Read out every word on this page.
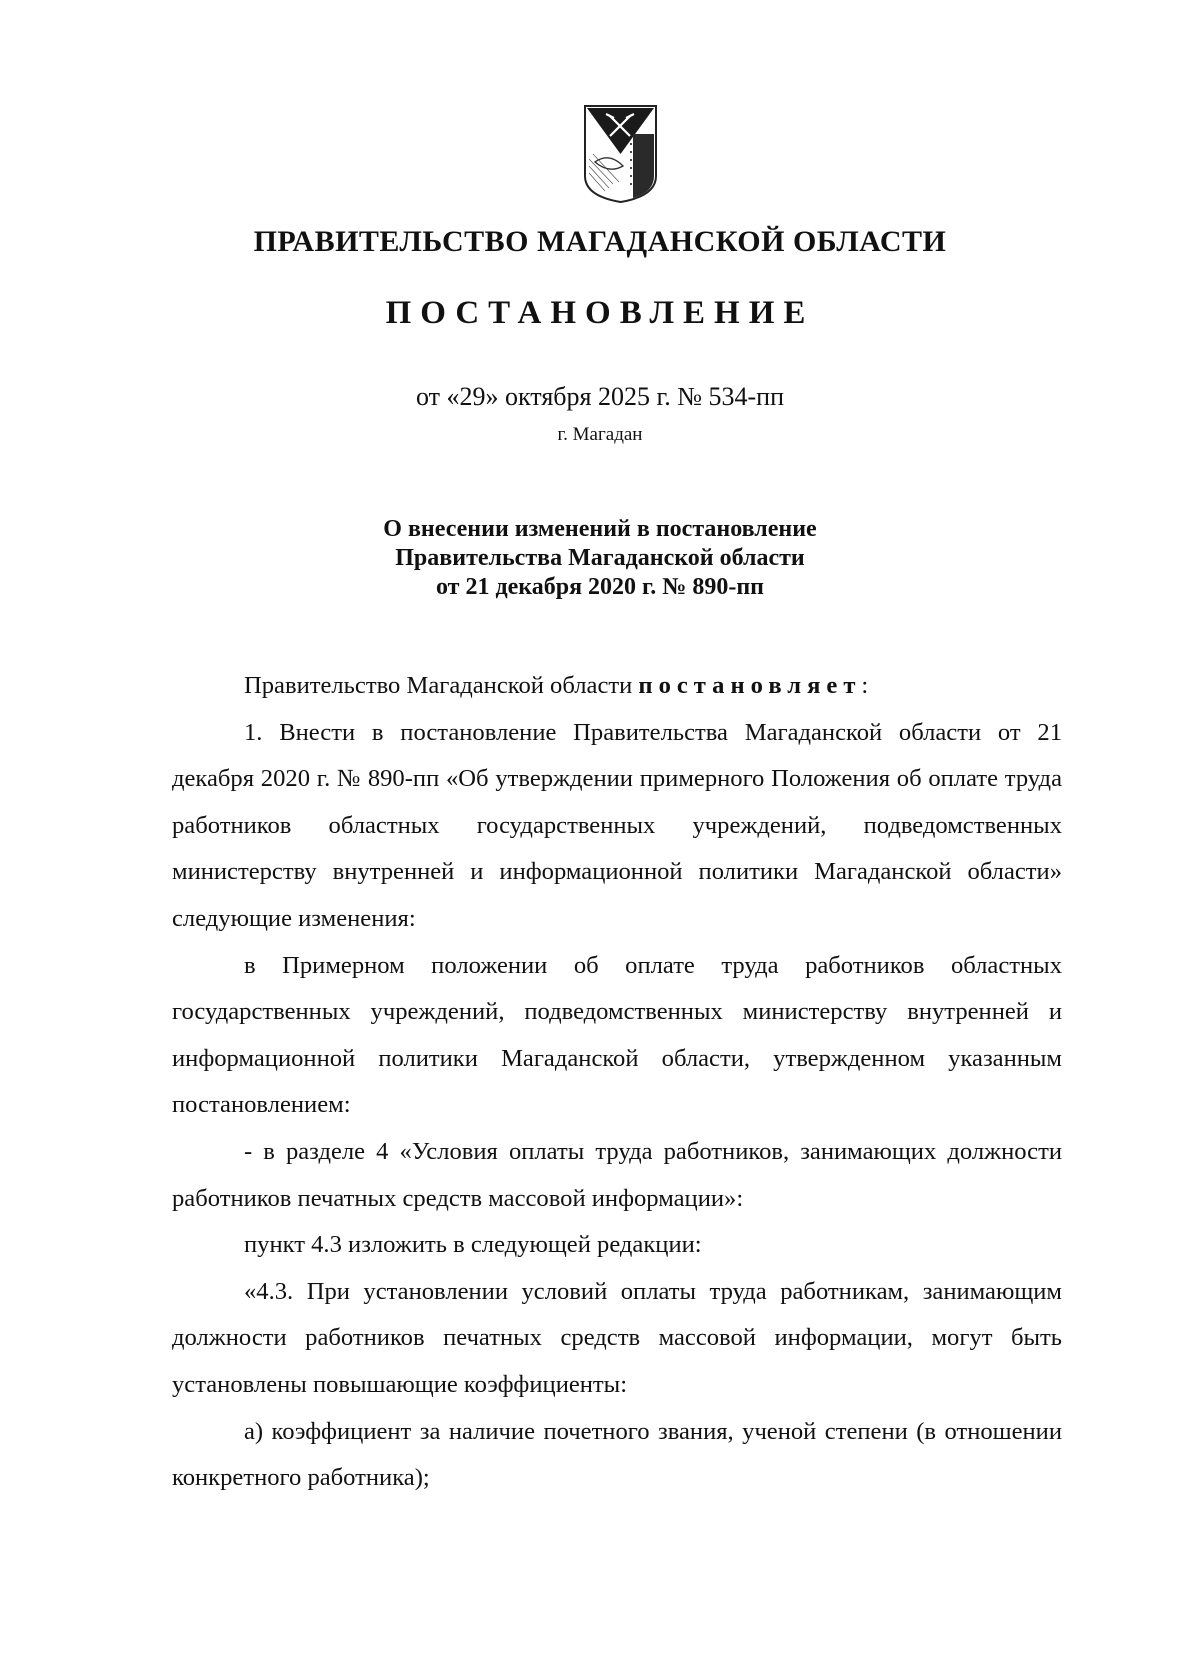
ПРАВИТЕЛЬСТВО МАГАДАНСКОЙ ОБЛАСТИ
ПОСТАНОВЛЕНИЕ
от «29» октября 2025 г. № 534-пп
г. Магадан
О внесении изменений в постановление
Правительства Магаданской области
от 21 декабря 2020 г. № 890-пп
Правительство Магаданской области постановляет:
1. Внести в постановление Правительства Магаданской области от 21 декабря 2020 г. № 890-пп «Об утверждении примерного Положения об оплате труда работников областных государственных учреждений, подведомственных министерству внутренней и информационной политики Магаданской области» следующие изменения:
в Примерном положении об оплате труда работников областных государственных учреждений, подведомственных министерству внутренней и информационной политики Магаданской области, утвержденном указанным постановлением:
- в разделе 4 «Условия оплаты труда работников, занимающих должности работников печатных средств массовой информации»:
пункт 4.3 изложить в следующей редакции:
«4.3. При установлении условий оплаты труда работникам, занимающим должности работников печатных средств массовой информации, могут быть установлены повышающие коэффициенты:
а) коэффициент за наличие почетного звания, ученой степени (в отношении конкретного работника);
